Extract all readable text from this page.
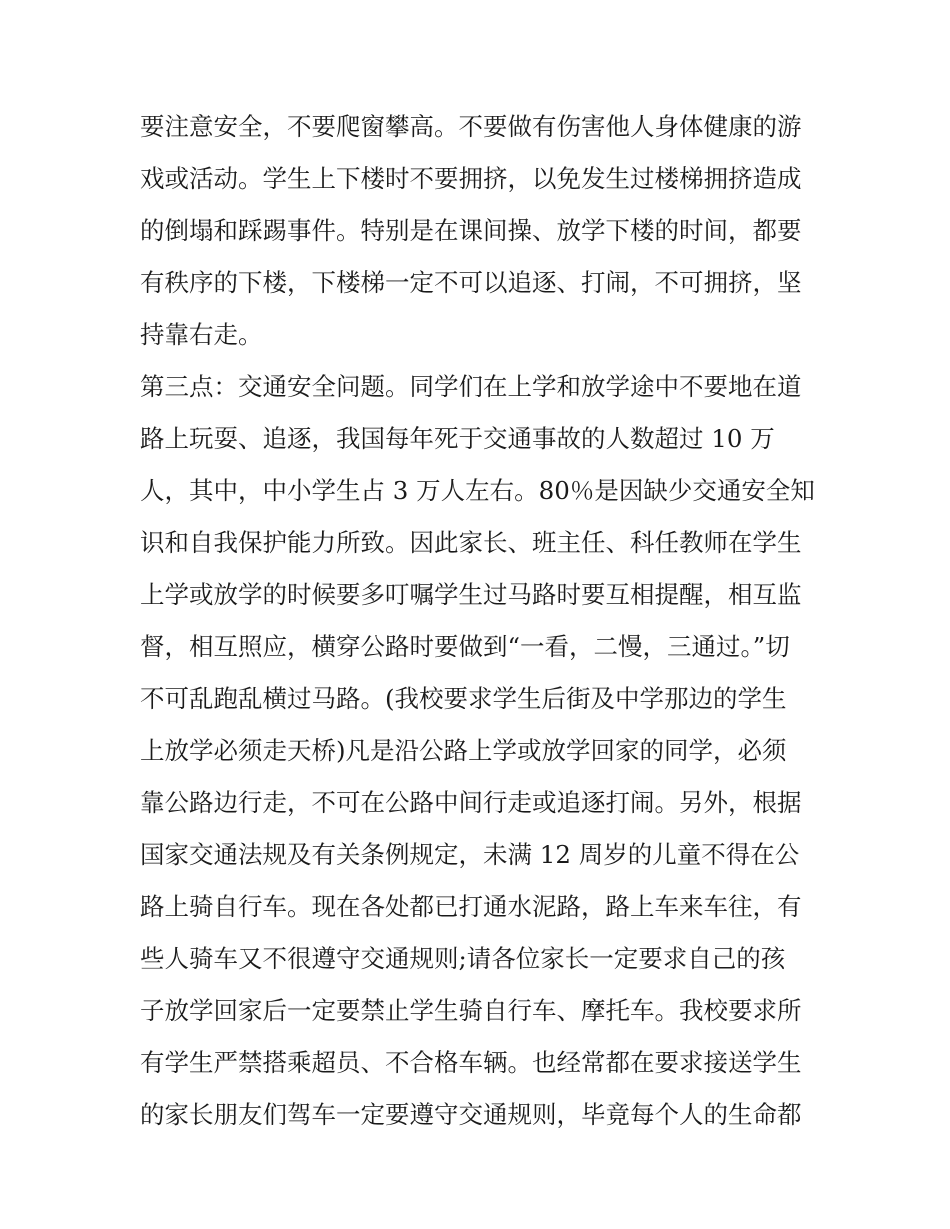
要注意安全，不要爬窗攀高。不要做有伤害他人身体健康的游
戏或活动。学生上下楼时不要拥挤，以免发生过楼梯拥挤造成
的倒塌和踩踢事件。特别是在课间操、放学下楼的时间，都要
有秩序的下楼，下楼梯一定不可以追逐、打闹，不可拥挤，坚
持靠右走。
第三点：交通安全问题。同学们在上学和放学途中不要地在道
路上玩耍、追逐，我国每年死于交通事故的人数超过 10 万
人，其中，中小学生占 3 万人左右。80％是因缺少交通安全知
识和自我保护能力所致。因此家长、班主任、科任教师在学生
上学或放学的时候要多叮嘱学生过马路时要互相提醒，相互监
督，相互照应，横穿公路时要做到“一看，二慢，三通过。”切
不可乱跑乱横过马路。(我校要求学生后街及中学那边的学生
上放学必须走天桥)凡是沿公路上学或放学回家的同学，必须
靠公路边行走，不可在公路中间行走或追逐打闹。另外，根据
国家交通法规及有关条例规定，未满 12 周岁的儿童不得在公
路上骑自行车。现在各处都已打通水泥路，路上车来车往，有
些人骑车又不很遵守交通规则;请各位家长一定要求自己的孩
子放学回家后一定要禁止学生骑自行车、摩托车。我校要求所
有学生严禁搭乘超员、不合格车辆。也经常都在要求接送学生
的家长朋友们驾车一定要遵守交通规则，毕竟每个人的生命都
